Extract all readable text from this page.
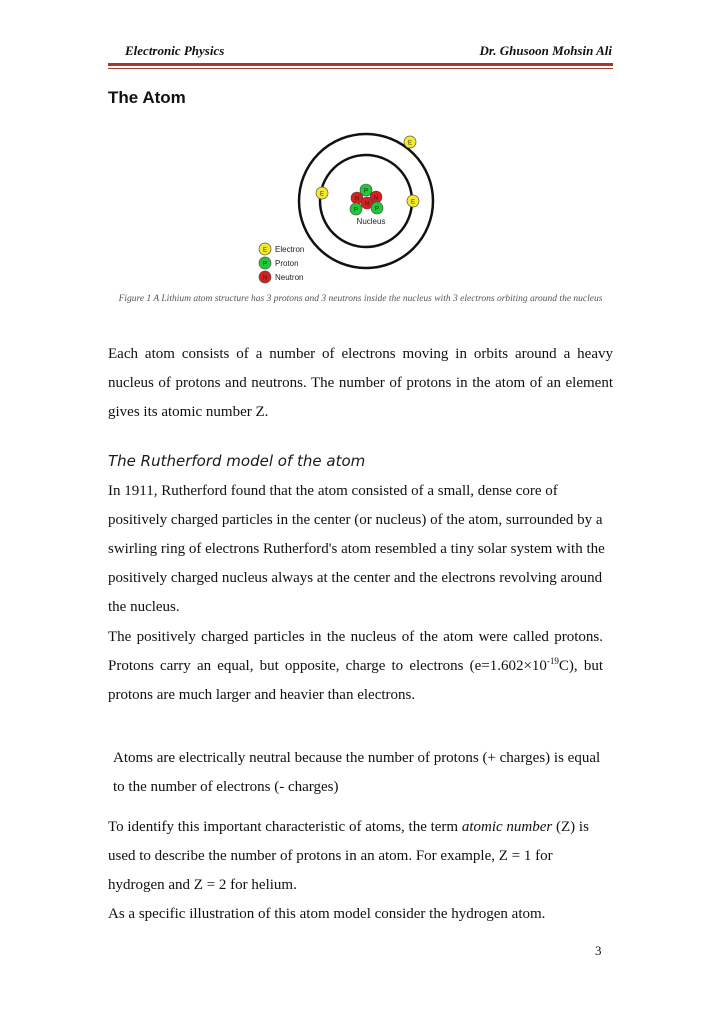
Electronic Physics	Dr. Ghusoon Mohsin Ali
The Atom
E
E
E
P
N N
N
P	P
Nucleus
E Electron
P Proton
N Neutron
Figure 1 A Lithium atom structure has 3 protons and 3 neutrons inside the nucleus with 3 electrons orbiting around the nucleus
Each atom consists of a number of electrons moving in orbits around a heavy nucleus of protons and neutrons. The number of protons in the atom of an element gives its atomic number Z.
The Rutherford model of the atom
In 1911, Rutherford found that the atom consisted of a small, dense core of positively charged particles in the center (or nucleus) of the atom, surrounded by a swirling ring of electrons Rutherford's atom resembled a tiny solar system with the positively charged nucleus always at the center and the electrons revolving around the nucleus.
The positively charged particles in the nucleus of the atom were called protons. Protons carry an equal, but opposite, charge to electrons $(e=1.602\times 10^{-19}C)$, but protons are much larger and heavier than electrons.
Atoms are electrically neutral because the number of protons (+ charges) is equal to the number of electrons (- charges)
To identify this important characteristic of atoms, the term atomic number (Z) is used to describe the number of protons in an atom. For example, Z = 1 for hydrogen and Z = 2 for helium.
As a specific illustration of this atom model consider the hydrogen atom.
3
